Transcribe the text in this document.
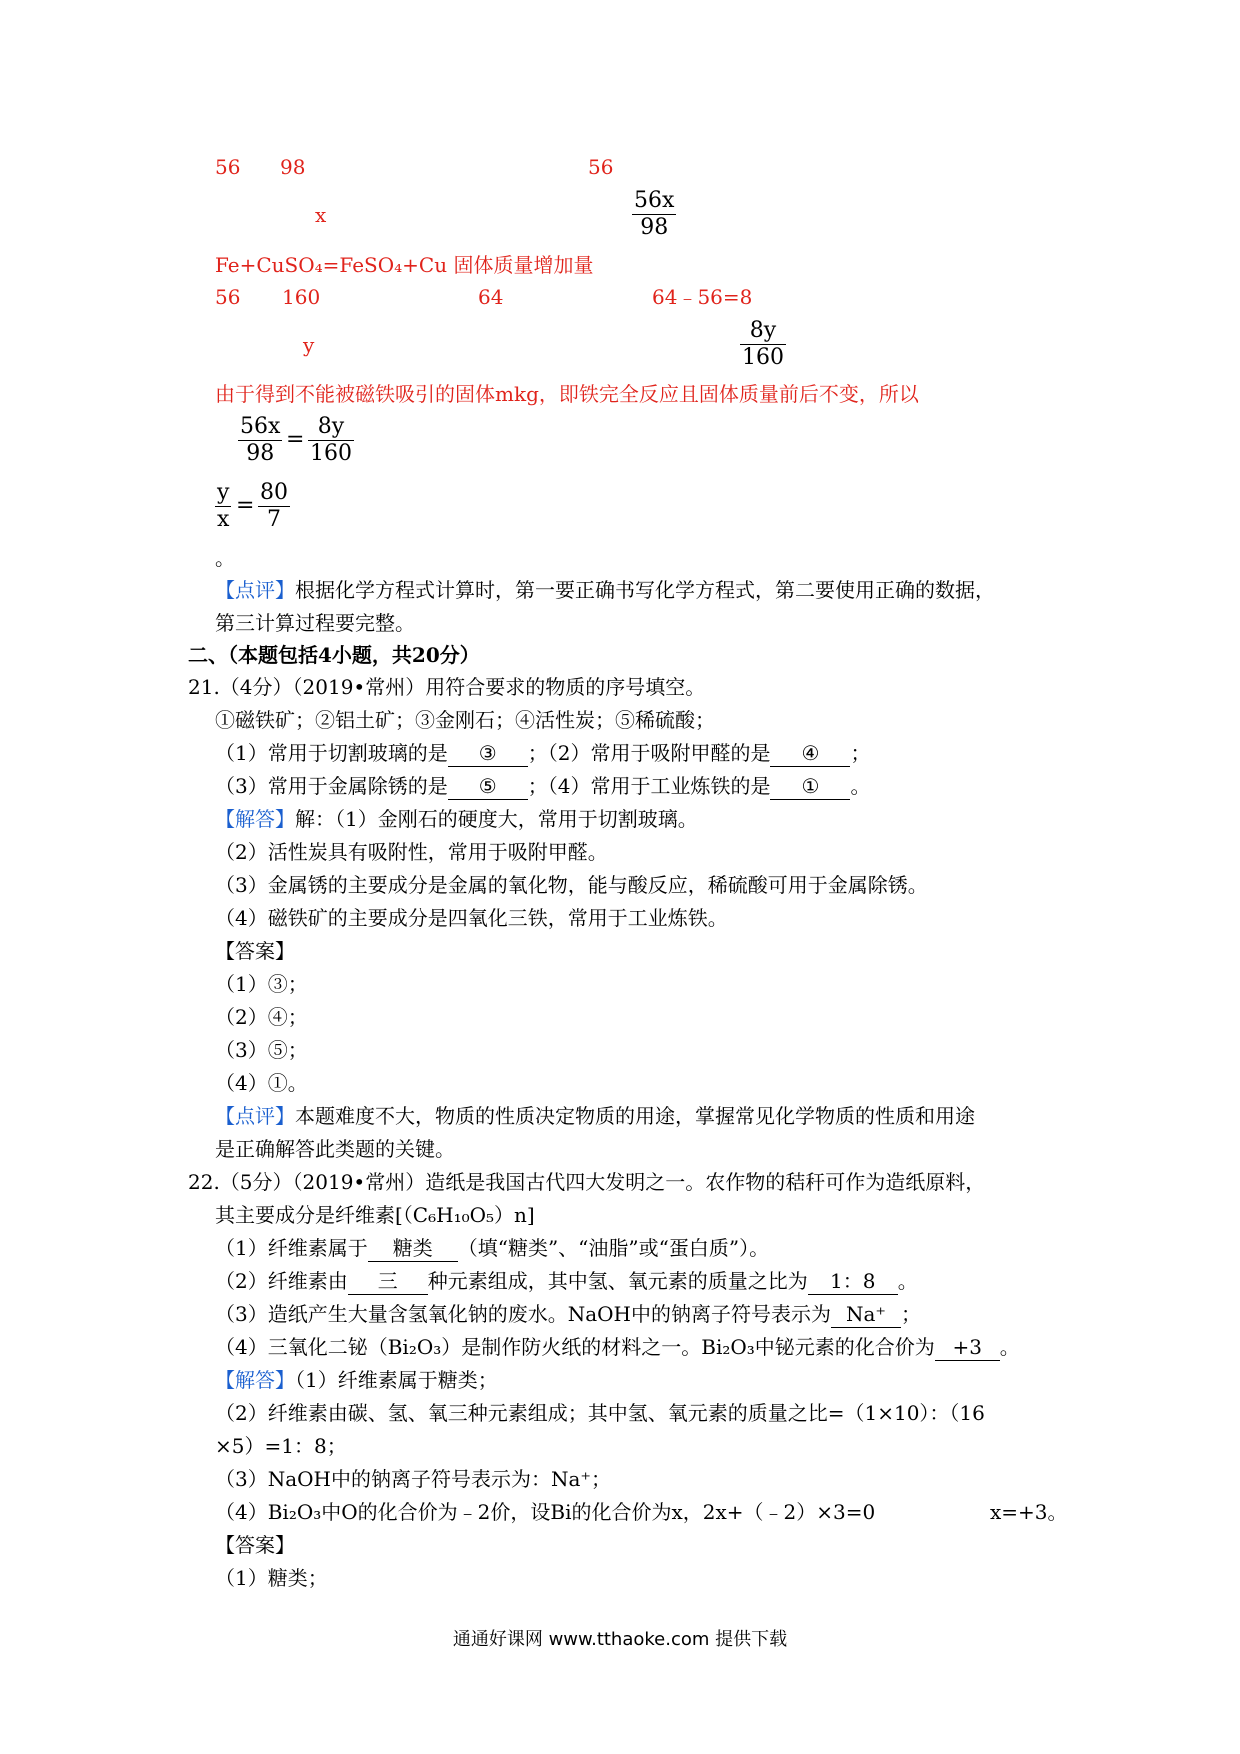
56 98	56
x	$\frac{56x}{98}$
Fe+CuSO₄=FeSO₄+Cu 固体质量增加量
56 160	64	64﹣56=8
y	$\frac{8y}{160}$
由于得到不能被磁铁吸引的固体mkg，即铁完全反应且固体质量前后不变，所以
$\frac{56x}{98} = \frac{8y}{160}$
$\frac{y}{x} = \frac{80}{7}$
。
【点评】根据化学方程式计算时，第一要正确书写化学方程式，第二要使用正确的数据，
第三计算过程要完整。
二、（本题包括4小题，共20分）
21.（4分）（2019•常州）用符合要求的物质的序号填空。
①磁铁矿；②铝土矿；③金刚石；④活性炭；⑤稀硫酸；
（1）常用于切割玻璃的是 ③ ；（2）常用于吸附甲醛的是 ④ ；
（3）常用于金属除锈的是 ⑤ ；（4）常用于工业炼铁的是 ① 。
【解答】解：（1）金刚石的硬度大，常用于切割玻璃。
（2）活性炭具有吸附性，常用于吸附甲醛。
（3）金属锈的主要成分是金属的氧化物，能与酸反应，稀硫酸可用于金属除锈。
（4）磁铁矿的主要成分是四氧化三铁，常用于工业炼铁。
【答案】
（1）③；
（2）④；
（3）⑤；
（4）①。
【点评】本题难度不大，物质的性质决定物质的用途，掌握常见化学物质的性质和用途
是正确解答此类题的关键。
22.（5分）（2019•常州）造纸是我国古代四大发明之一。农作物的秸秆可作为造纸原料，
其主要成分是纤维素[（C₆H₁₀O₅）n]
（1）纤维素属于 糖类 （填“糖类”、“油脂”或“蛋白质”）。
（2）纤维素由 三 种元素组成，其中氢、氧元素的质量之比为 1：8 。
（3）造纸产生大量含氢氧化钠的废水。NaOH中的钠离子符号表示为 Na⁺ ；
（4）三氧化二铋（Bi₂O₃）是制作防火纸的材料之一。Bi₂O₃中铋元素的化合价为 +3 。
【解答】（1）纤维素属于糖类；
（2）纤维素由碳、氢、氧三种元素组成；其中氢、氧元素的质量之比=（1×10）：（16
×5）=1：8；
（3）NaOH中的钠离子符号表示为：Na⁺；
（4）Bi₂O₃中O的化合价为﹣2价，设Bi的化合价为x，2x+（﹣2）×3=0	x=+3。
【答案】
（1）糖类；
通通好课网 www.tthaoke.com 提供下载
